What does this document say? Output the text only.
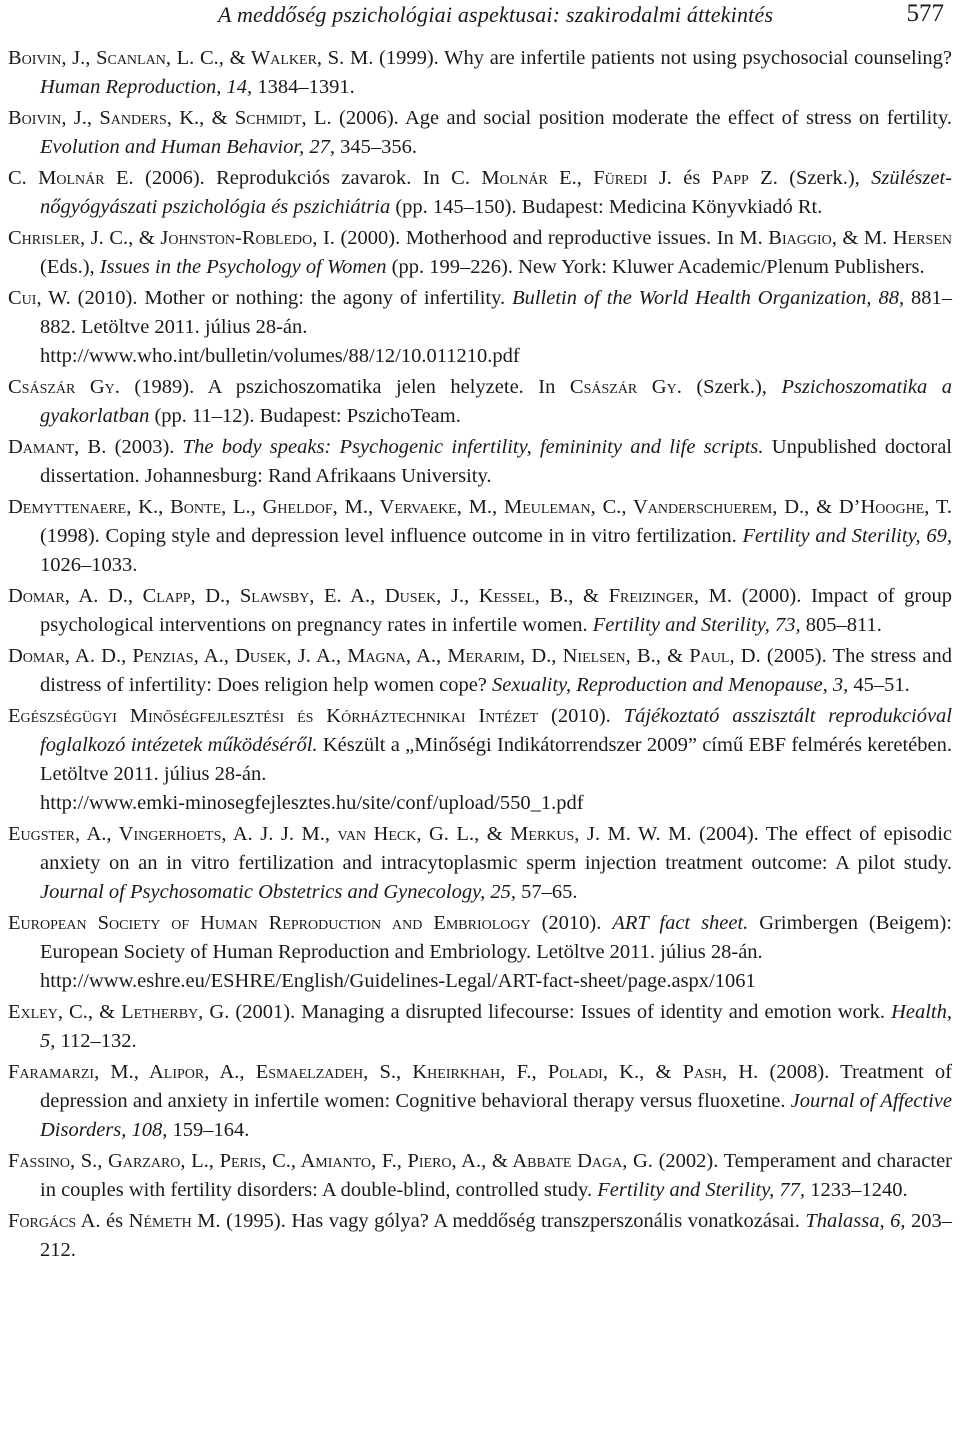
A meddőség pszichológiai aspektusai: szakirodalmi áttekintés	577
Boivin, J., Scanlan, L. C., & Walker, S. M. (1999). Why are infertile patients not using psychosocial counseling? Human Reproduction, 14, 1384–1391.
Boivin, J., Sanders, K., & Schmidt, L. (2006). Age and social position moderate the effect of stress on fertility. Evolution and Human Behavior, 27, 345–356.
C. Molnár E. (2006). Reprodukciós zavarok. In C. Molnár E., Füredi J. és Papp Z. (Szerk.), Szülészet-nőgyógyászati pszichológia és pszichiátria (pp. 145–150). Budapest: Medicina Könyvkiadó Rt.
Chrisler, J. C., & Johnston-Robledo, I. (2000). Motherhood and reproductive issues. In M. Biaggio, & M. Hersen (Eds.), Issues in the Psychology of Women (pp. 199–226). New York: Kluwer Academic/Plenum Publishers.
Cui, W. (2010). Mother or nothing: the agony of infertility. Bulletin of the World Health Organization, 88, 881–882. Letöltve 2011. július 28-án.
http://www.who.int/bulletin/volumes/88/12/10.011210.pdf
Császár Gy. (1989). A pszichoszomatika jelen helyzete. In Császár Gy. (Szerk.), Pszichoszomatika a gyakorlatban (pp. 11–12). Budapest: PszichoTeam.
Damant, B. (2003). The body speaks: Psychogenic infertility, femininity and life scripts. Unpublished doctoral dissertation. Johannesburg: Rand Afrikaans University.
Demyttenaere, K., Bonte, L., Gheldof, M., Vervaeke, M., Meuleman, C., Vanderschuerem, D., & D’Hooghe, T. (1998). Coping style and depression level influence outcome in in vitro fertilization. Fertility and Sterility, 69, 1026–1033.
Domar, A. D., Clapp, D., Slawsby, E. A., Dusek, J., Kessel, B., & Freizinger, M. (2000). Impact of group psychological interventions on pregnancy rates in infertile women. Fertility and Sterility, 73, 805–811.
Domar, A. D., Penzias, A., Dusek, J. A., Magna, A., Merarim, D., Nielsen, B., & Paul, D. (2005). The stress and distress of infertility: Does religion help women cope? Sexuality, Reproduction and Menopause, 3, 45–51.
Egészségügyi Minőségfejlesztési és Kórháztechnikai Intézet (2010). Tájékoztató asszisztált reprodukcióval foglalkozó intézetek működéséről. Készült a „Minőségi Indikátorrendszer 2009” című EBF felmérés keretében. Letöltve 2011. július 28-án.
http://www.emki-minosegfejlesztes.hu/site/conf/upload/550_1.pdf
Eugster, A., Vingerhoets, A. J. J. M., van Heck, G. L., & Merkus, J. M. W. M. (2004). The effect of episodic anxiety on an in vitro fertilization and intracytoplasmic sperm injection treatment outcome: A pilot study. Journal of Psychosomatic Obstetrics and Gynecology, 25, 57–65.
European Society of Human Reproduction and Embriology (2010). ART fact sheet. Grimbergen (Beigem): European Society of Human Reproduction and Embriology. Letöltve 2011. július 28-án.
http://www.eshre.eu/ESHRE/English/Guidelines-Legal/ART-fact-sheet/page.aspx/1061
Exley, C., & Letherby, G. (2001). Managing a disrupted lifecourse: Issues of identity and emotion work. Health, 5, 112–132.
Faramarzi, M., Alipor, A., Esmaelzadeh, S., Kheirkhah, F., Poladi, K., & Pash, H. (2008). Treatment of depression and anxiety in infertile women: Cognitive behavioral therapy versus fluoxetine. Journal of Affective Disorders, 108, 159–164.
Fassino, S., Garzaro, L., Peris, C., Amianto, F., Piero, A., & Abbate Daga, G. (2002). Temperament and character in couples with fertility disorders: A double-blind, controlled study. Fertility and Sterility, 77, 1233–1240.
Forgács A. és Németh M. (1995). Has vagy gólya? A meddőség transzperszonális vonatkozásai. Thalassa, 6, 203–212.
